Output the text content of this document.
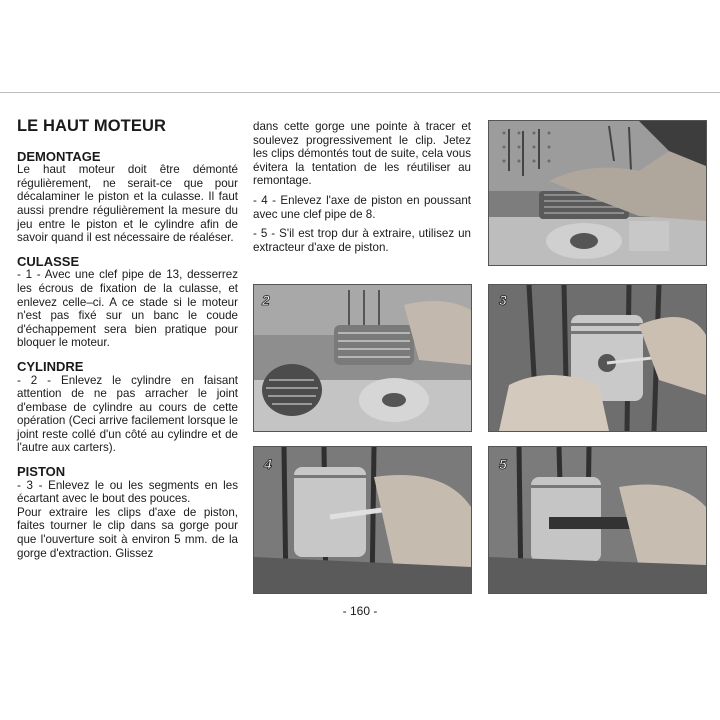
LE HAUT MOTEUR
DEMONTAGE

Le haut moteur doit être démonté régulièrement, ne serait-ce que pour décalaminer le piston et la culasse. Il faut aussi prendre régulièrement la mesure du jeu entre le piston et le cylindre afin de savoir quand il est nécessaire de réaléser.

CULASSE

- 1 - Avec une clef pipe de 13, desserrez les écrous de fixation de la culasse, et enlevez celle–ci. A ce stade si le moteur n'est pas fixé sur un banc le coude d'échappement sera bien pratique pour bloquer le moteur.

CYLINDRE

- 2 - Enlevez le cylindre en faisant attention de ne pas arracher le joint d'embase de cylindre au cours de cette opération (Ceci arrive facilement lorsque le joint reste collé d'un côté au cylindre et de l'autre aux carters).

PISTON

- 3 - Enlevez le ou les segments en les écartant avec le bout des pouces.

Pour extraire les clips d'axe de piston, faites tourner le clip dans sa gorge pour que l'ouverture soit à environ 5 mm. de la gorge d'extraction. Glissez

dans cette gorge une pointe à tracer et soulevez progressivement le clip. Jetez les clips démontés tout de suite, cela vous évitera la tentation de les réutiliser au remontage.

- 4 - Enlevez l'axe de piston en poussant avec une clef pipe de 8.

- 5 - S'il est trop dur à extraire, utilisez un extracteur d'axe de piston.

2	3
4	5
- 160 -
